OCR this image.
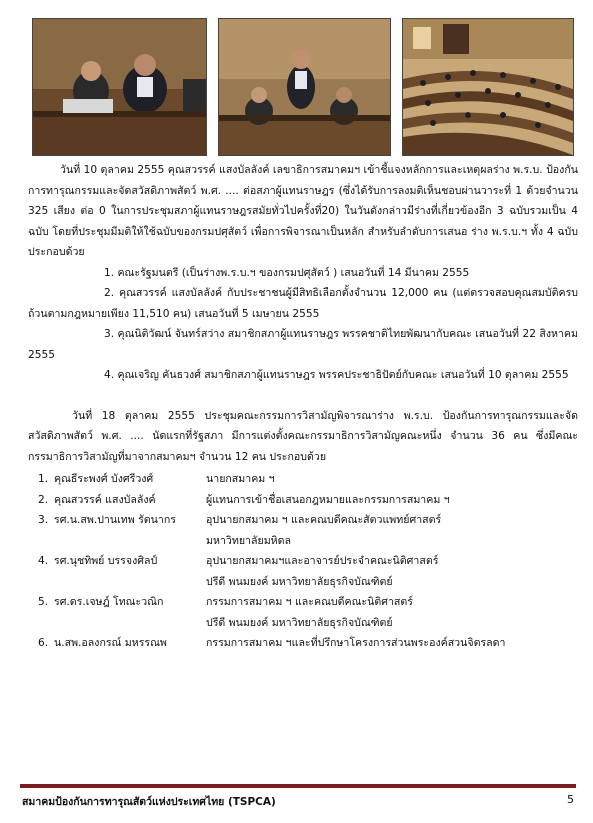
วันที่ 10 ตุลาคม 2555 คุณสวรรค์ แสงบัลลังค์ เลขาธิการสมาคมฯ เข้าชี้แจงหลักการและเหตุผลร่าง พ.ร.บ. ป้องกันการทารุณกรรมและจัดสวัสดิภาพสัตว์ พ.ศ. .... ต่อสภาผู้แทนราษฎร (ซึ่งได้รับการลงมติเห็นชอบผ่านวาระที่ 1 ด้วยจำนวน 325 เสียง ต่อ 0 ในการประชุมสภาผู้แทนราษฎรสมัยทั่วไปครั้งที่20) ในวันดังกล่าวมีร่างที่เกี่ยวข้องอีก 3 ฉบับรวมเป็น 4 ฉบับ โดยที่ประชุมมีมติให้ใช้ฉบับของกรมปศุสัตว์ เพื่อการพิจารณาเป็นหลัก สำหรับลำดับการเสนอ ร่าง พ.ร.บ.ฯ ทั้ง 4 ฉบับ ประกอบด้วย

1. คณะรัฐมนตรี (เป็นร่างพ.ร.บ.ฯ ของกรมปศุสัตว์ ) เสนอวันที่ 14 มีนาคม 2555
2. คุณสวรรค์ แสงบัลลังค์ กับประชาชนผู้มีสิทธิเลือกตั้งจำนวน 12,000 คน (แต่ตรวจสอบคุณสมบัติครบถ้วนตามกฎหมายเพียง 11,510 คน) เสนอวันที่ 5 เมษายน 2555
3. คุณนิติวัฒน์ จันทร์สว่าง สมาชิกสภาผู้แทนราษฎร พรรคชาติไทยพัฒนากับคณะ เสนอวันที่ 22 สิงหาคม 2555
4. คุณเจริญ คันธวงศ์ สมาชิกสภาผู้แทนราษฎร พรรคประชาธิปัตย์กับคณะ เสนอวันที่ 10 ตุลาคม 2555

วันที่ 18 ตุลาคม 2555 ประชุมคณะกรรมการวิสามัญพิจารณาร่าง พ.ร.บ. ป้องกันการทารุณกรรมและจัดสวัสดิภาพสัตว์ พ.ศ. .... นัดแรกที่รัฐสภา มีการแต่งตั้งคณะกรรมาธิการวิสามัญคณะหนึ่ง จำนวน 36 คน ซึ่งมีคณะกรรมาธิการวิสามัญที่มาจากสมาคมฯ จำนวน 12 คน ประกอบด้วย

1. คุณธีระพงศ์ บังศรีวงศ์	นายกสมาคม ฯ
2. คุณสวรรค์ แสงบัลลังค์	ผู้แทนการเข้าชื่อเสนอกฎหมายและกรรมการสมาคม ฯ
3. รศ.น.สพ.ปานเทพ รัตนากร	อุปนายกสมาคม ฯ และคณบดีคณะสัตวแพทย์ศาสตร์
มหาวิทยาลัยมหิดล
4. รศ.นุชทิพย์ บรรจงศิลป์	อุปนายกสมาคมฯและอาจารย์ประจำคณะนิติศาสตร์
ปรีดี พนมยงค์ มหาวิทยาลัยธุรกิจบัณฑิตย์
5. รศ.ดร.เจษฎ์ โทณะวณิก	กรรมการสมาคม ฯ และคณบดีคณะนิติศาสตร์
ปรีดี พนมยงค์ มหาวิทยาลัยธุรกิจบัณฑิตย์
6. น.สพ.อลงกรณ์ มหรรณพ	กรรมการสมาคม ฯและที่ปรึกษาโครงการส่วนพระองค์สวนจิตรลดา
สมาคมป้องกันการทารุณสัตว์แห่งประเทศไทย (TSPCA)	5
